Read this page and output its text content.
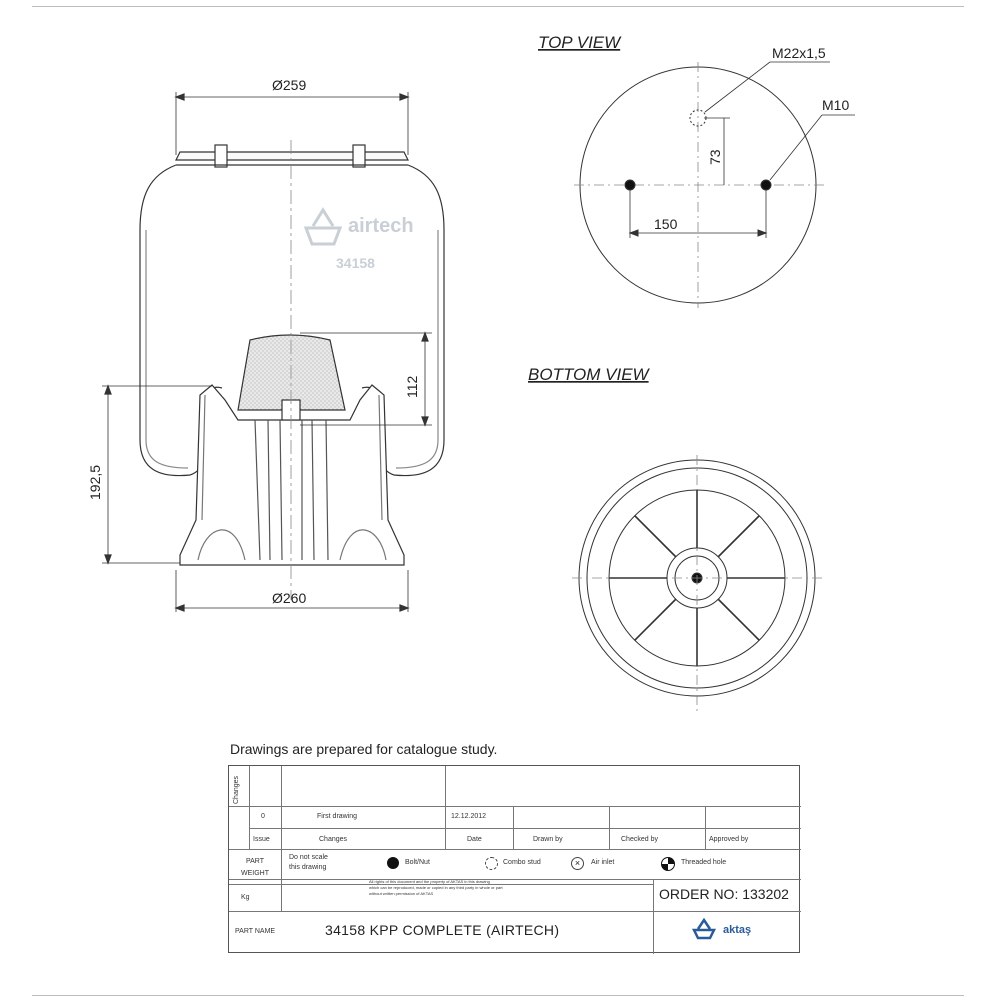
Ø259
Ø260
192,5
112
airtech
34158
TOP VIEW
M22x1,5
M10
73
150
BOTTOM VIEW
Drawings are prepared for catalogue study.
Changes
0	First drawing	12.12.2012
Issue	Changes	Date	Drawn by	Checked by	Approved by
PART WEIGHT
Kg
Do not scale
this drawing
Bolt/Nut	Combo stud	×	Air inlet	Threaded hole
All rights of this document and the property of AKTAS in this drawing
which can be reproduced, made or copied in any third party in whole or part
without written permission of AKTAS	ORDER NO: 133202
PART NAME	34158 KPP COMPLETE (AIRTECH)	aktaş
